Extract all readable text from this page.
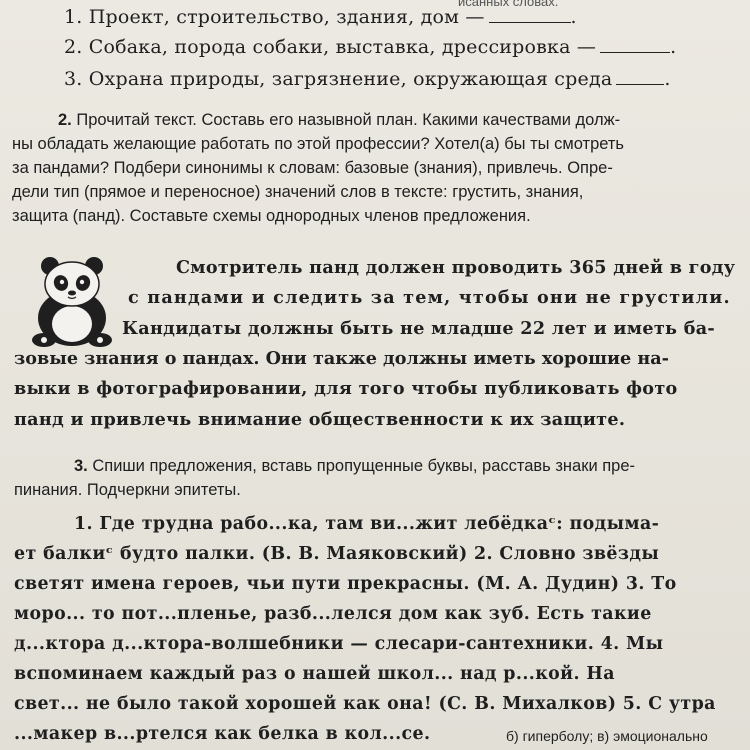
исанных словах.
1. Проект, строительство, здания, дом —	.
2. Собака, порода собаки, выставка, дрессировка —	.
3. Охрана природы, загрязнение, окружающая среда	.
2. Прочитай текст. Составь его назывной план. Какими качествами долж-
ны обладать желающие работать по этой профессии? Хотел(а) бы ты смотреть
за пандами? Подбери синонимы к словам: базовые (знания), привлечь. Опре-
дели тип (прямое и переносное) значений слов в тексте: грустить, знания,
защита (панд). Составьте схемы однородных членов предложения.
Смотритель панд должен проводить 365 дней в году
с пандами и следить за тем, чтобы они не грустили.
Кандидаты должны быть не младше 22 лет и иметь ба-
зовые знания о пандах. Они также должны иметь хорошие на-
выки в фотографировании, для того чтобы публиковать фото
панд и привлечь внимание общественности к их защите.
3. Спиши предложения, вставь пропущенные буквы, расставь знаки пре-
пинания. Подчеркни эпитеты.
1. Где трудна рабо...ка, там ви...жит лебёдкаᶜ: подыма-
ет балкиᶜ будто палки. (В. В. Маяковский) 2. Словно звёзды
светят имена героев, чьи пути прекрасны. (М. А. Дудин) 3. То
моро... то пот...пленье, разб...лелся дом как зуб. Есть такие
д...ктора д...ктора-волшебники — слесари-сантехники. 4. Мы
вспоминаем каждый раз о нашей школ... над р...кой. На
свет... не было такой хорошей как она! (С. В. Михалков) 5. С утра
...макер в...ртелся как белка в кол...се.	б) гиперболу; в) эмоционально
